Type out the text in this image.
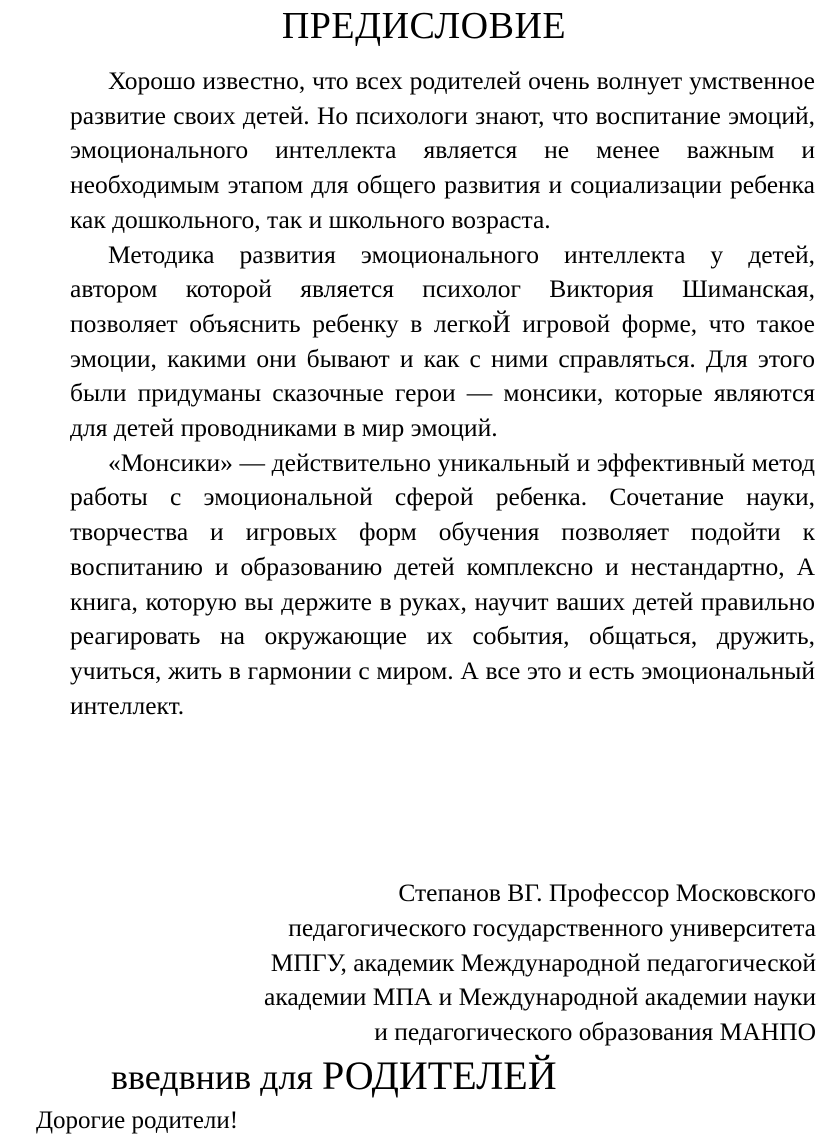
ПРЕДИСЛОВИЕ

Хорошо известно, что всех родителей очень волнует умственное развитие своих детей. Но психологи знают, что воспитание эмоций, эмоционального интеллекта является не менее важным и необходимым этапом для общего развития и социализации ребенка как дошкольного, так и школьного возраста.

Методика развития эмоционального интеллекта у детей, автором которой является психолог Виктория Шиманская, позволяет объяснить ребенку в легкоЙ игровой форме, что такое эмоции, какими они бывают и как с ними справляться. Для этого были придуманы сказочные герои — монсики, которые являются для детей проводниками в мир эмоций.

«Монсики» — действительно уникальный и эффективный метод работы с эмоциональной сферой ребенка. Сочетание науки, творчества и игровых форм обучения позволяет подойти к воспитанию и образованию детей комплексно и нестандартно, А книга, которую вы держите в руках, научит ваших детей правильно реагировать на окружающие их события, общаться, дружить, учиться, жить в гармонии с миром. А все это и есть эмоциональный интеллект.

Степанов ВГ. Профессор Московского
педагогического государственного университета
МПГУ, академик Международной педагогической
академии МПА и Международной академии науки
и педагогического образования МАНПО
введвнив для РОДИТЕЛЕЙ
Дорогие родители!
